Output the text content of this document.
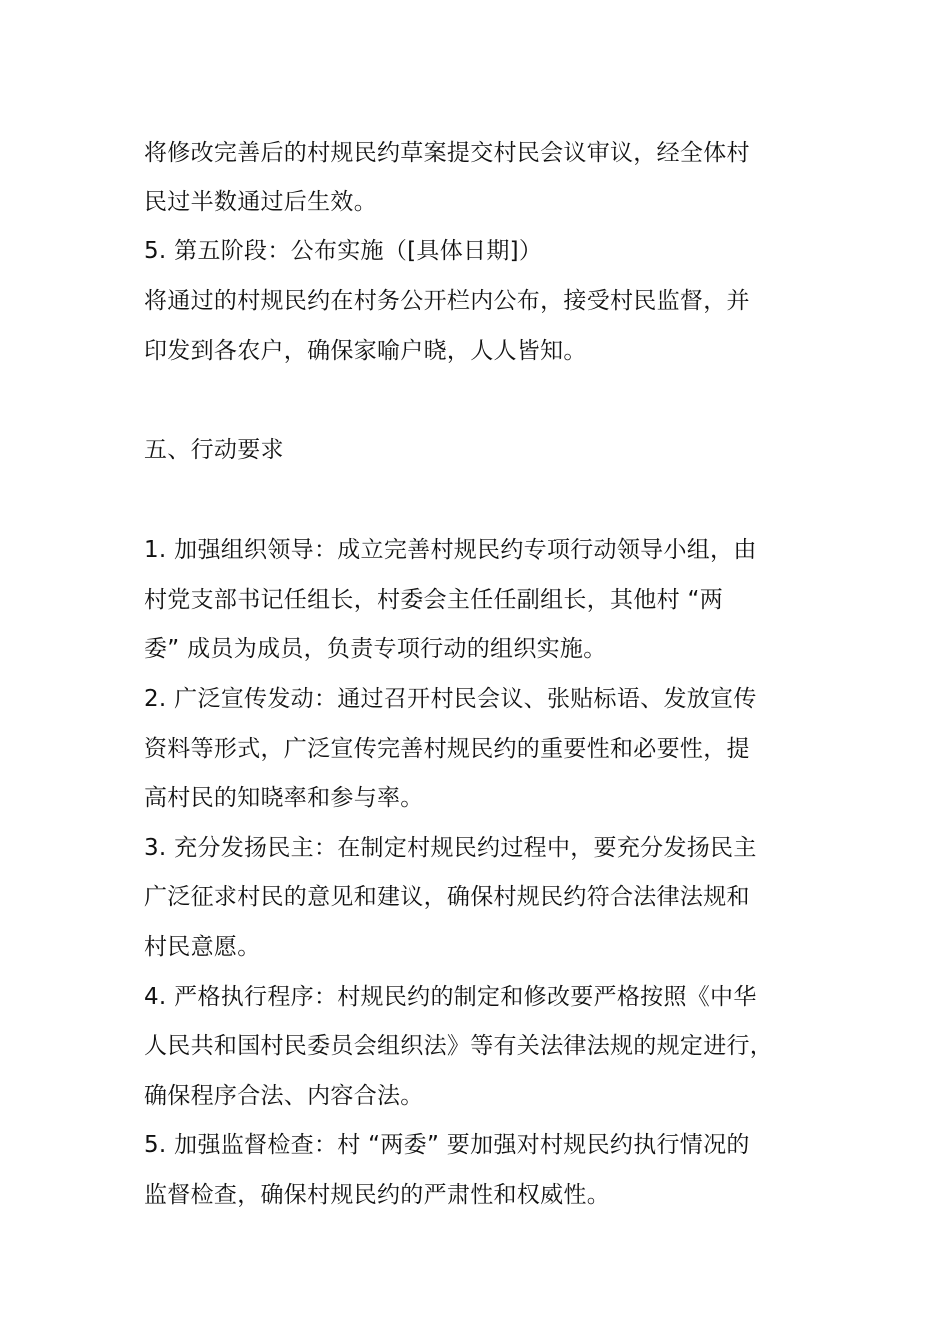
将修改完善后的村规民约草案提交村民会议审议，经全体村
民过半数通过后生效。
5. 第五阶段：公布实施（[具体日期]）
将通过的村规民约在村务公开栏内公布，接受村民监督，并
印发到各农户，确保家喻户晓，人人皆知。
五、行动要求
1. 加强组织领导：成立完善村规民约专项行动领导小组，由
村党支部书记任组长，村委会主任任副组长，其他村 “两
委” 成员为成员，负责专项行动的组织实施。
2. 广泛宣传发动：通过召开村民会议、张贴标语、发放宣传
资料等形式，广泛宣传完善村规民约的重要性和必要性，提
高村民的知晓率和参与率。
3. 充分发扬民主：在制定村规民约过程中，要充分发扬民主
广泛征求村民的意见和建议，确保村规民约符合法律法规和
村民意愿。
4. 严格执行程序：村规民约的制定和修改要严格按照《中华
人民共和国村民委员会组织法》等有关法律法规的规定进行，
确保程序合法、内容合法。
5. 加强监督检查：村 “两委” 要加强对村规民约执行情况的
监督检查，确保村规民约的严肃性和权威性。
